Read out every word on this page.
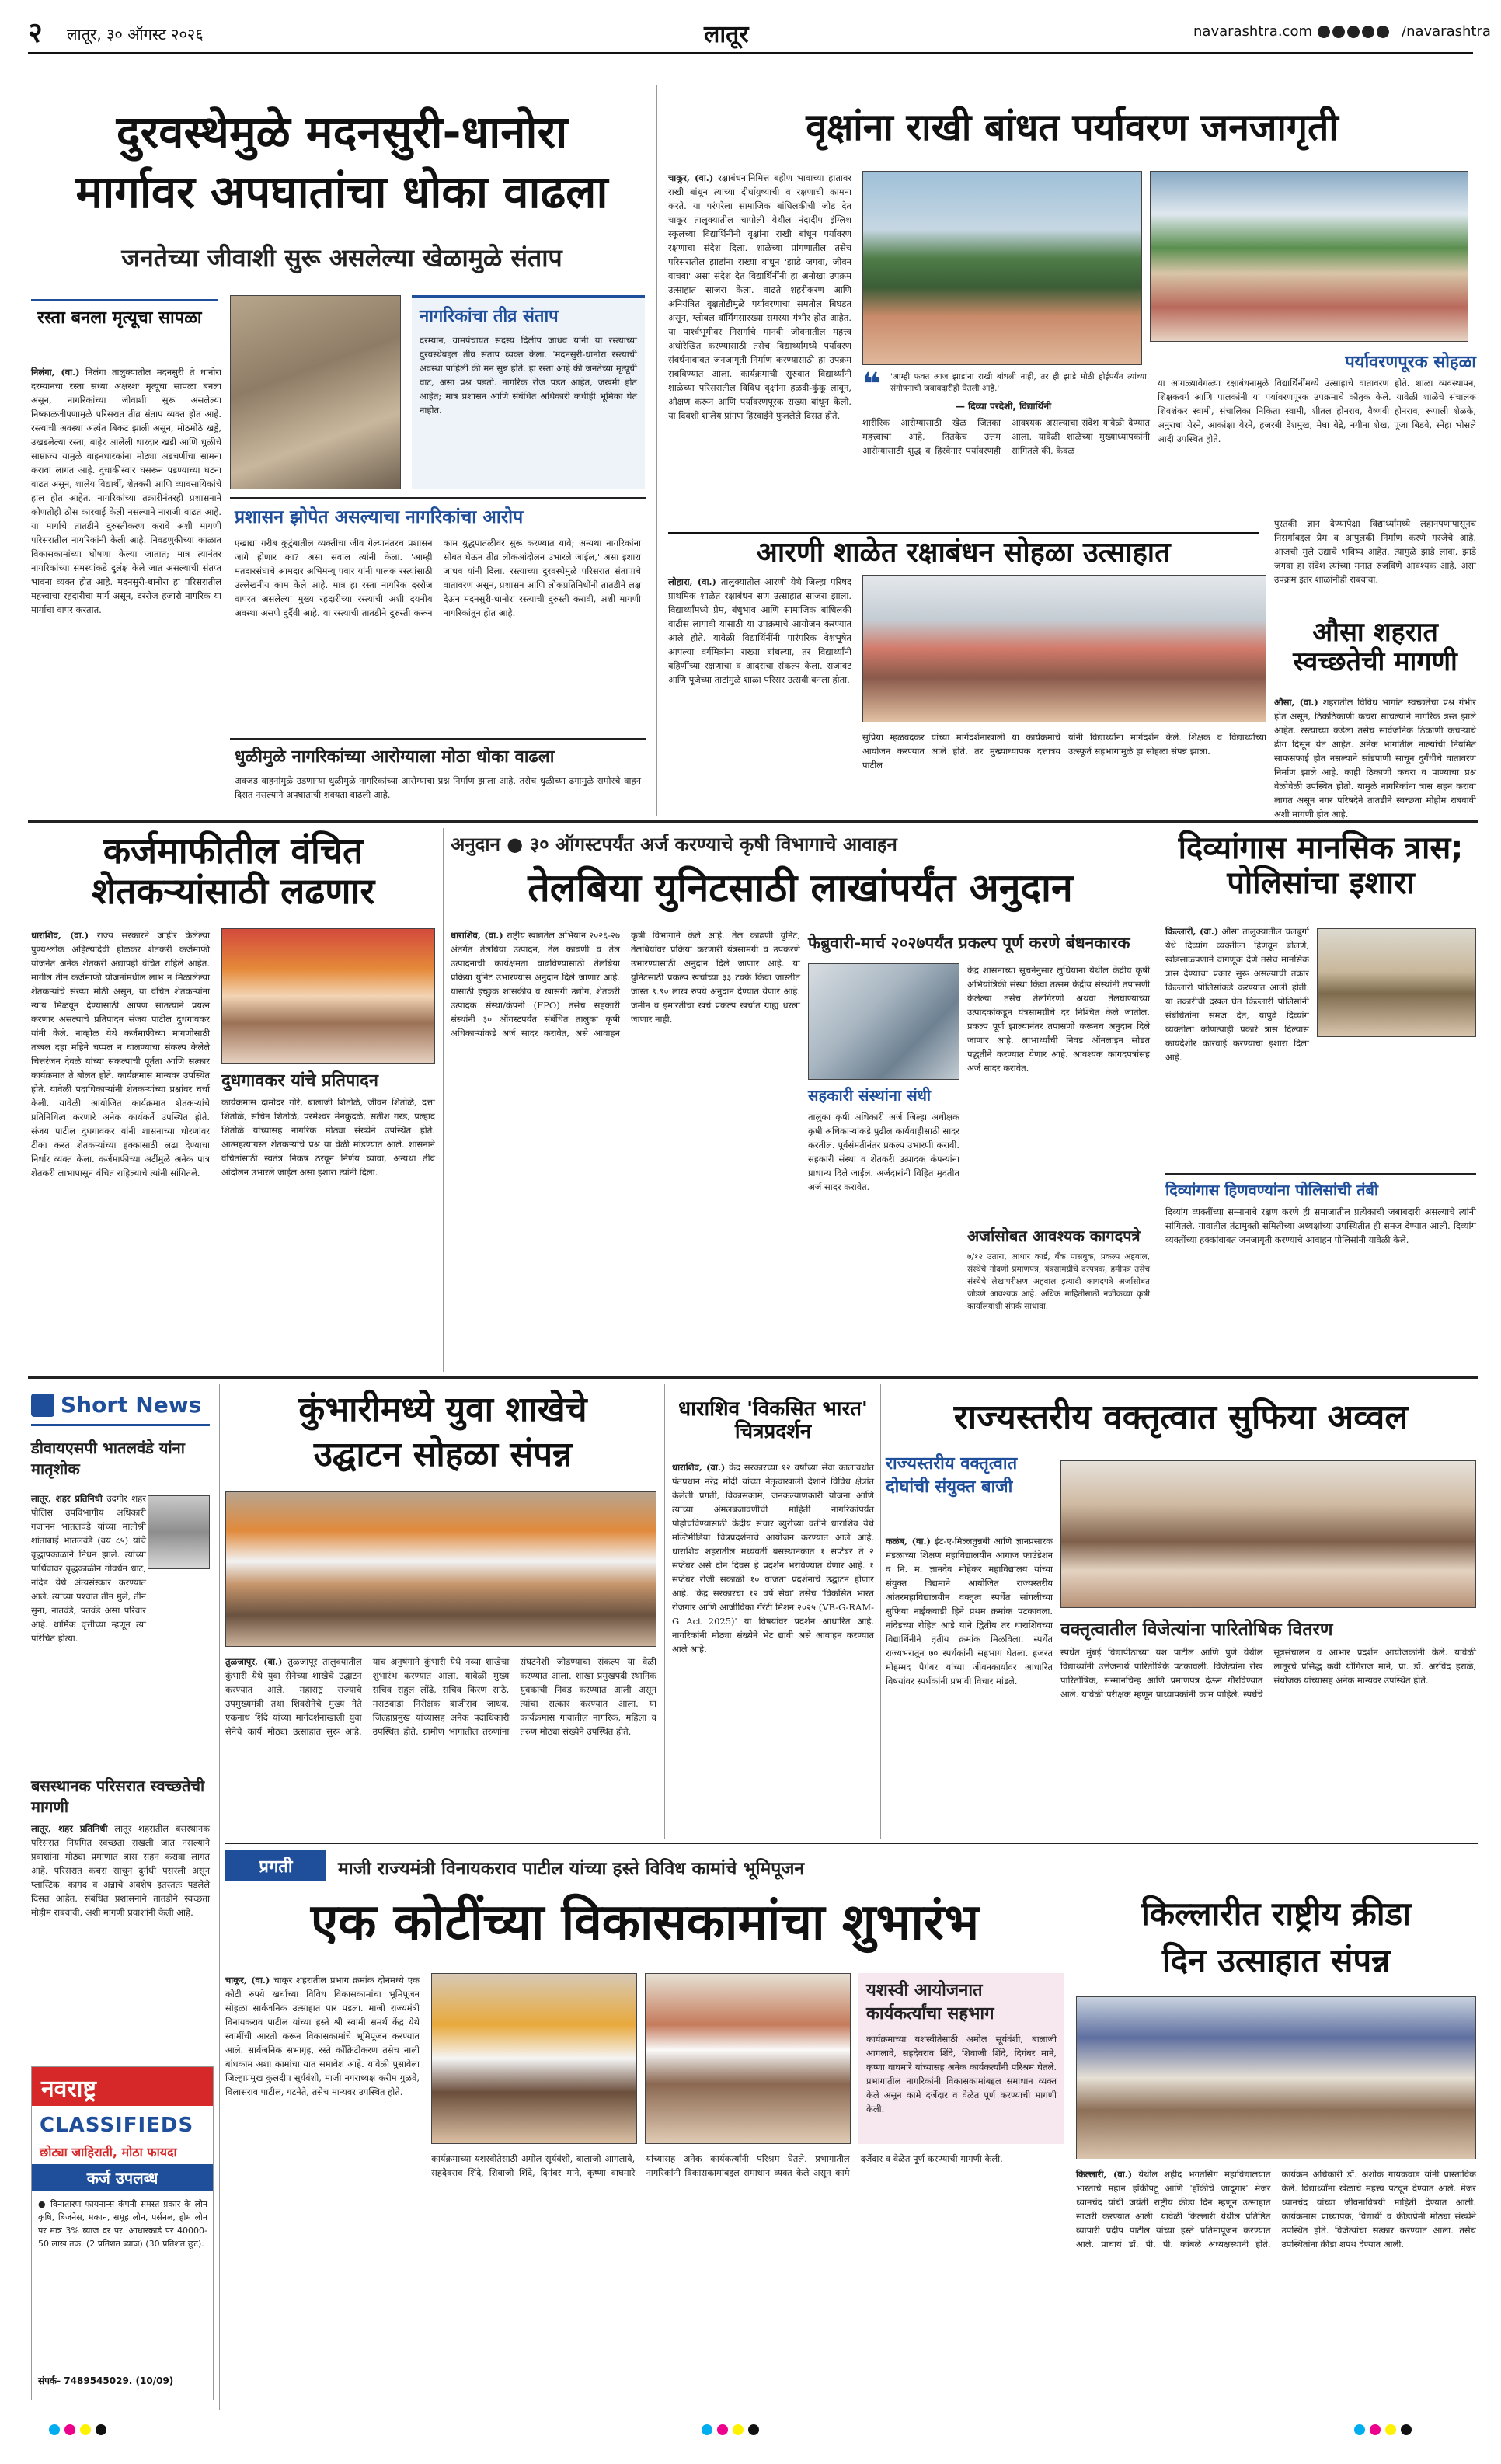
२ लातूर, ३० ऑगस्ट २०२६	लातूर	navarashtra.com	/navarashtra
दुरवस्थेमुळे मदनसुरी-धानोरा
मार्गावर अपघातांचा धोका वाढला
जनतेच्या जीवाशी सुरू असलेल्या खेळामुळे संताप
रस्ता बनला मृत्यूचा सापळा
निलंगा, (वा.) निलंगा तालुक्यातील मदनसुरी ते धानोरा दरम्यानचा रस्ता सध्या अक्षरशः मृत्यूचा सापळा बनला असून, नागरिकांच्या जीवाशी सुरू असलेल्या निष्काळजीपणामुळे परिसरात तीव्र संताप व्यक्त होत आहे. रस्त्याची अवस्था अत्यंत बिकट झाली असून, मोठमोठे खड्डे, उखडलेल्या रस्ता, बाहेर आलेली धारदार खडी आणि धुळीचे साम्राज्य यामुळे वाहनधारकांना मोठ्या अडचणींचा सामना करावा लागत आहे. दुचाकीस्वार घसरून पडण्याच्या घटना वाढत असून, शालेय विद्यार्थी, शेतकरी आणि व्यावसायिकांचे हाल होत आहेत. नागरिकांच्या तक्रारींनंतरही प्रशासनाने कोणतीही ठोस कारवाई केली नसल्याने नाराजी वाढत आहे. या मार्गाचे तातडीने दुरुस्तीकरण करावे अशी मागणी परिसरातील नागरिकांनी केली आहे. निवडणुकीच्या काळात विकासकामांच्या घोषणा केल्या जातात; मात्र त्यानंतर नागरिकांच्या समस्यांकडे दुर्लक्ष केले जात असल्याची संतप्त भावना व्यक्त होत आहे. मदनसुरी-धानोरा हा परिसरातील महत्त्वाचा रहदारीचा मार्ग असून, दररोज हजारो नागरिक या मार्गाचा वापर करतात.
नागरिकांचा तीव्र संताप
दरम्यान, ग्रामपंचायत सदस्य दिलीप जाधव यांनी या रस्त्याच्या दुरवस्थेबद्दल तीव्र संताप व्यक्त केला. 'मदनसुरी-धानोरा रस्त्याची अवस्था पाहिली की मन सुन्न होते. हा रस्ता आहे की जनतेच्या मृत्यूची वाट, असा प्रश्न पडतो. नागरिक रोज पडत आहेत, जखमी होत आहेत; मात्र प्रशासन आणि संबंधित अधिकारी कधीही भूमिका घेत नाहीत.
प्रशासन झोपेत असल्याचा नागरिकांचा आरोप
एखाद्या गरीब कुटुंबातील व्यक्तीचा जीव गेल्यानंतरच प्रशासन जागे होणार का? असा सवाल त्यांनी केला. 'आम्ही मतदारसंघाचे आमदार अभिमन्यू पवार यांनी पालक रस्त्यांसाठी उल्लेखनीय काम केले आहे. मात्र हा रस्ता नागरिक दररोज वापरत असलेल्या मुख्य रहदारीच्या रस्त्याची अशी दयनीय अवस्था असणे दुर्दैवी आहे. या रस्त्याची तातडीने दुरुस्ती करून काम युद्धपातळीवर सुरू करण्यात यावे; अन्यथा नागरिकांना सोबत घेऊन तीव्र लोकआंदोलन उभारले जाईल,' असा इशारा जाधव यांनी दिला. रस्त्याच्या दुरवस्थेमुळे परिसरात संतापाचे वातावरण असून, प्रशासन आणि लोकप्रतिनिधींनी तातडीने लक्ष देऊन मदनसुरी-धानोरा रस्त्याची दुरुस्ती करावी, अशी मागणी नागरिकांतून होत आहे.
धुळीमुळे नागरिकांच्या आरोग्याला मोठा धोका वाढला
अवजड वाहनांमुळे उडणाऱ्या धुळीमुळे नागरिकांच्या आरोग्याचा प्रश्न निर्माण झाला आहे. तसेच धुळीच्या ढगामुळे समोरचे वाहन दिसत नसल्याने अपघाताची शक्यता वाढली आहे.
वृक्षांना राखी बांधत पर्यावरण जनजागृती
चाकूर, (वा.) रक्षाबंधनानिमित्त बहीण भावाच्या हातावर राखी बांधून त्याच्या दीर्घायुष्याची व रक्षणाची कामना करते. या परंपरेला सामाजिक बांधिलकीची जोड देत चाकूर तालुक्यातील चापोली येथील नंदादीप इंग्लिश स्कूलच्या विद्यार्थिनींनी वृक्षांना राखी बांधून पर्यावरण रक्षणाचा संदेश दिला. शाळेच्या प्रांगणातील तसेच परिसरातील झाडांना राख्या बांधून 'झाडे जगवा, जीवन वाचवा' असा संदेश देत विद्यार्थिनींनी हा अनोखा उपक्रम उत्साहात साजरा केला. वाढते शहरीकरण आणि अनियंत्रित वृक्षतोडीमुळे पर्यावरणाचा समतोल बिघडत असून, ग्लोबल वॉर्मिंगसारख्या समस्या गंभीर होत आहेत. या पार्श्वभूमीवर निसर्गाचे मानवी जीवनातील महत्त्व अधोरेखित करण्यासाठी तसेच विद्यार्थ्यांमध्ये पर्यावरण संवर्धनाबाबत जनजागृती निर्माण करण्यासाठी हा उपक्रम राबविण्यात आला. कार्यक्रमाची सुरुवात विद्यार्थ्यांनी शाळेच्या परिसरातील विविध वृक्षांना हळदी-कुंकू लावून, औक्षण करून आणि पर्यावरणपूरक राख्या बांधून केली. या दिवशी शालेय प्रांगण हिरवाईने फुललेले दिसत होते.
❝ 'आम्ही फक्त आज झाडांना राखी बांधली नाही, तर ही झाडे मोठी होईपर्यंत त्यांच्या संगोपनाची जबाबदारीही घेतली आहे.'
— दिव्या परदेशी, विद्यार्थिनी
शारीरिक आरोग्यासाठी खेळ जितका महत्त्वाचा आहे, तितकेच उत्तम आरोग्यासाठी शुद्ध व हिरवेगार पर्यावरणही आवश्यक असल्याचा संदेश यावेळी देण्यात आला. यावेळी शाळेच्या मुख्याध्यापकांनी सांगितले की, केवळ
पर्यावरणपूरक सोहळा
या आगळ्यावेगळ्या रक्षाबंधनामुळे विद्यार्थिनींमध्ये उत्साहाचे वातावरण होते. शाळा व्यवस्थापन, शिक्षकवर्ग आणि पालकांनी या पर्यावरणपूरक उपक्रमाचे कौतुक केले. यावेळी शाळेचे संचालक शिवशंकर स्वामी, संचालिका निकिता स्वामी, शीतल होनराव, वैष्णवी होनराव, रूपाली शेळके, अनुराधा येरने, आकांक्षा येरने, हजरबी देशमुख, मेघा बेद्रे, नगीना शेख, पूजा बिडवे, स्नेहा भोसले आदी उपस्थित होते.
पुस्तकी ज्ञान देण्यापेक्षा विद्यार्थ्यांमध्ये लहानपणापासूनच निसर्गाबद्दल प्रेम व आपुलकी निर्माण करणे गरजेचे आहे. आजची मुले उद्याचे भविष्य आहेत. त्यामुळे झाडे लावा, झाडे जगवा हा संदेश त्यांच्या मनात रुजविणे आवश्यक आहे. असा उपक्रम इतर शाळांनीही राबवावा.
आरणी शाळेत रक्षाबंधन सोहळा उत्साहात
लोहारा, (वा.) तालुक्यातील आरणी येथे जिल्हा परिषद प्राथमिक शाळेत रक्षाबंधन सण उत्साहात साजरा झाला. विद्यार्थ्यांमध्ये प्रेम, बंधुभाव आणि सामाजिक बांधिलकी वाढीस लागावी यासाठी या उपक्रमाचे आयोजन करण्यात आले होते. यावेळी विद्यार्थिनींनी पारंपरिक वेशभूषेत आपल्या वर्गमित्रांना राख्या बांधल्या, तर विद्यार्थ्यांनी बहिणींच्या रक्षणाचा व आदराचा संकल्प केला. सजावट आणि पूजेच्या ताटांमुळे शाळा परिसर उत्सवी बनला होता.
सुप्रिया म्हळवदकर यांच्या मार्गदर्शनाखाली या कार्यक्रमाचे आयोजन करण्यात आले होते. तर मुख्याध्यापक दत्तात्रय पाटील
यांनी विद्यार्थ्यांना मार्गदर्शन केले. शिक्षक व विद्यार्थ्यांच्या उत्स्फूर्त सहभागामुळे हा सोहळा संपन्न झाला.
औसा शहरात स्वच्छतेची मागणी
औसा, (वा.) शहरातील विविध भागांत स्वच्छतेचा प्रश्न गंभीर होत असून, ठिकठिकाणी कचरा साचल्याने नागरिक त्रस्त झाले आहेत. रस्त्याच्या कडेला तसेच सार्वजनिक ठिकाणी कचऱ्याचे ढीग दिसून येत आहेत. अनेक भागांतील नाल्यांची नियमित साफसफाई होत नसल्याने सांडपाणी साचून दुर्गंधीचे वातावरण निर्माण झाले आहे. काही ठिकाणी कचरा व पाण्याचा प्रश्न वेळोवेळी उपस्थित होतो. यामुळे नागरिकांना त्रास सहन करावा लागत असून नगर परिषदेने तातडीने स्वच्छता मोहीम राबवावी अशी मागणी होत आहे.
कर्जमाफीतील वंचित शेतकऱ्यांसाठी लढणार
धाराशिव, (वा.) राज्य सरकारने जाहीर केलेल्या पुण्यश्लोक अहिल्यादेवी होळकर शेतकरी कर्जमाफी योजनेत अनेक शेतकरी अद्यापही वंचित राहिले आहेत. मागील तीन कर्जमाफी योजनांमधील लाभ न मिळालेल्या शेतकऱ्यांचे संख्या मोठी असून, या वंचित शेतकऱ्यांना न्याय मिळवून देण्यासाठी आपण सातत्याने प्रयत्न करणार असल्याचे प्रतिपादन संजय पाटील दुधगावकर यांनी केले. नाव्होळ येथे कर्जमाफीच्या मागणीसाठी तब्बल दहा महिने चप्पल न घालण्याचा संकल्प केलेले चित्तरंजन देवळे यांच्या संकल्पाची पूर्तता आणि सत्कार कार्यक्रमात ते बोलत होते. कार्यक्रमास मान्यवर उपस्थित होते. यावेळी पदाधिकाऱ्यांनी शेतकऱ्यांच्या प्रश्नांवर चर्चा केली. यावेळी आयोजित कार्यक्रमात शेतकऱ्यांचे प्रतिनिधित्व करणारे अनेक कार्यकर्ते उपस्थित होते. संजय पाटील दुधगावकर यांनी शासनाच्या धोरणांवर टीका करत शेतकऱ्यांच्या हक्कासाठी लढा देण्याचा निर्धार व्यक्त केला. कर्जमाफीच्या अटींमुळे अनेक पात्र शेतकरी लाभापासून वंचित राहिल्याचे त्यांनी सांगितले.
दुधगावकर यांचे प्रतिपादन
कार्यक्रमास दामोदर गोरे, बालाजी शितोळे, जीवन शितोळे, दत्ता शितोळे, सचिन शितोळे, परमेश्वर मेनकुदळे, सतीश गरड, प्रल्हाद शितोळे यांच्यासह नागरिक मोठ्या संख्येने उपस्थित होते. आत्महत्याग्रस्त शेतकऱ्यांचे प्रश्न या वेळी मांडण्यात आले. शासनाने वंचितांसाठी स्वतंत्र निकष ठरवून निर्णय घ्यावा, अन्यथा तीव्र आंदोलन उभारले जाईल असा इशारा त्यांनी दिला.
अनुदान ● ३० ऑगस्टपर्यंत अर्ज करण्याचे कृषी विभागाचे आवाहन
तेलबिया युनिटसाठी लाखांपर्यंत अनुदान
धाराशिव, (वा.) राष्ट्रीय खाद्यतेल अभियान २०२६-२७ अंतर्गत तेलबिया उत्पादन, तेल काढणी व तेल उत्पादनाची कार्यक्षमता वाढविण्यासाठी तेलबिया प्रक्रिया युनिट उभारण्यास अनुदान दिले जाणार आहे. यासाठी इच्छुक शासकीय व खासगी उद्योग, शेतकरी उत्पादक संस्था/कंपनी (FPO) तसेच सहकारी संस्थांनी ३० ऑगस्टपर्यंत संबंधित तालुका कृषी अधिकाऱ्यांकडे अर्ज सादर करावेत, असे आवाहन कृषी विभागाने केले आहे. तेल काढणी युनिट, तेलबियांवर प्रक्रिया करणारी यंत्रसामग्री व उपकरणे उभारण्यासाठी अनुदान दिले जाणार आहे. या युनिटसाठी प्रकल्प खर्चाच्या ३३ टक्के किंवा जास्तीत जास्त ९.९० लाख रुपये अनुदान देण्यात येणार आहे. जमीन व इमारतीचा खर्च प्रकल्प खर्चात ग्राह्य धरला जाणार नाही.
फेब्रुवारी-मार्च २०२७पर्यंत प्रकल्प पूर्ण करणे बंधनकारक
केंद्र शासनाच्या सूचनेनुसार लुधियाना येथील केंद्रीय कृषी अभियांत्रिकी संस्था किंवा तत्सम केंद्रीय संस्थांनी तपासणी केलेल्या तसेच तेलगिरणी अथवा तेलघाण्याच्या उत्पादकांकडून यंत्रसामग्रीचे दर निश्चित केले जातील. प्रकल्प पूर्ण झाल्यानंतर तपासणी करूनच अनुदान दिले जाणार आहे. लाभार्थ्यांची निवड ऑनलाइन सोडत पद्धतीने करण्यात येणार आहे. आवश्यक कागदपत्रांसह अर्ज सादर करावेत.
सहकारी संस्थांना संधी
तालुका कृषी अधिकारी अर्ज जिल्हा अधीक्षक कृषी अधिकाऱ्यांकडे पुढील कार्यवाहीसाठी सादर करतील. पूर्वसंमतीनंतर प्रकल्प उभारणी करावी. सहकारी संस्था व शेतकरी उत्पादक कंपन्यांना प्राधान्य दिले जाईल. अर्जदारांनी विहित मुदतीत अर्ज सादर करावेत.
अर्जासोबत आवश्यक कागदपत्रे
७/१२ उतारा, आधार कार्ड, बँक पासबुक, प्रकल्प अहवाल, संस्थेचे नोंदणी प्रमाणपत्र, यंत्रसामग्रीचे दरपत्रक, हमीपत्र तसेच संस्थेचे लेखापरीक्षण अहवाल इत्यादी कागदपत्रे अर्जासोबत जोडणे आवश्यक आहे. अधिक माहितीसाठी नजीकच्या कृषी कार्यालयाशी संपर्क साधावा.
दिव्यांगास मानसिक त्रास; पोलिसांचा इशारा
किल्लारी, (वा.) औसा तालुक्यातील चलबुर्गा येथे दिव्यांग व्यक्तीला हिणवून बोलणे, खोडसाळपणाने वागणूक देणे तसेच मानसिक त्रास देण्याचा प्रकार सुरू असल्याची तक्रार किल्लारी पोलिसांकडे करण्यात आली होती. या तक्रारीची दखल घेत किल्लारी पोलिसांनी संबंधितांना समज देत, यापुढे दिव्यांग व्यक्तीला कोणत्याही प्रकारे त्रास दिल्यास कायदेशीर कारवाई करण्याचा इशारा दिला आहे.
दिव्यांगास हिणवण्यांना पोलिसांची तंबी
दिव्यांग व्यक्तींच्या सन्मानाचे रक्षण करणे ही समाजातील प्रत्येकाची जबाबदारी असल्याचे त्यांनी सांगितले. गावातील तंटामुक्ती समितीच्या अध्यक्षांच्या उपस्थितीत ही समज देण्यात आली. दिव्यांग व्यक्तींच्या हक्कांबाबत जनजागृती करण्याचे आवाहन पोलिसांनी यावेळी केले.
Short News
डीवायएसपी भातलवंडे यांना मातृशोक
लातूर, शहर प्रतिनिधी उदगीर शहर पोलिस उपविभागीय अधिकारी गजानन भातलवंडे यांच्या मातोश्री शांताबाई भातलवंडे (वय ८५) यांचे वृद्धापकाळाने निधन झाले. त्यांच्या पार्थिवावर वृद्धकाळीन गोवर्धन धाट, नांदेड येथे अंत्यसंस्कार करण्यात आले. त्यांच्या पश्चात तीन मुले, तीन सुना, नातवंडे, पतवंडे असा परिवार आहे. धार्मिक वृत्तीच्या म्हणून त्या परिचित होत्या.
बसस्थानक परिसरात स्वच्छतेची मागणी
लातूर, शहर प्रतिनिधी लातूर शहरातील बसस्थानक परिसरात नियमित स्वच्छता राखली जात नसल्याने प्रवाशांना मोठ्या प्रमाणात त्रास सहन करावा लागत आहे. परिसरात कचरा साचून दुर्गंधी पसरली असून प्लास्टिक, कागद व अन्नाचे अवशेष इतस्ततः पडलेले दिसत आहेत. संबंधित प्रशासनाने तातडीने स्वच्छता मोहीम राबवावी, अशी मागणी प्रवाशांनी केली आहे.
नवराष्ट्र
CLASSIFIEDS
छोट्या जाहिराती, मोठा फायदा
कर्ज उपलब्ध
● विनातारण फायनान्स कंपनी समस्त प्रकार के लोन कृषि, बिजनेस, मकान, समूह लोन, पर्सनल, होम लोन पर मात्र 3% ब्याज दर पर. आधारकार्ड पर 40000- 50 लाख तक. (2 प्रतिशत ब्याज) (30 प्रतिशत छूट).
संपर्क- 7489545029. (10/09)
कुंभारीमध्ये युवा शाखेचे
उद्घाटन सोहळा संपन्न
तुळजापूर, (वा.) तुळजापूर तालुक्यातील कुंभारी येथे युवा सेनेच्या शाखेचे उद्घाटन करण्यात आले. महाराष्ट्र राज्याचे उपमुख्यमंत्री तथा शिवसेनेचे मुख्य नेते एकनाथ शिंदे यांच्या मार्गदर्शनाखाली युवा सेनेचे कार्य मोठ्या उत्साहात सुरू आहे. याच अनुषंगाने कुंभारी येथे नव्या शाखेचा शुभारंभ करण्यात आला. यावेळी मुख्य सचिव राहुल लोंढे, सचिव किरण साठे, मराठवाडा निरीक्षक बाजीराव जाधव, जिल्हाप्रमुख यांच्यासह अनेक पदाधिकारी उपस्थित होते. ग्रामीण भागातील तरुणांना संघटनेशी जोडण्याचा संकल्प या वेळी करण्यात आला. शाखा प्रमुखपदी स्थानिक युवकाची निवड करण्यात आली असून त्यांचा सत्कार करण्यात आला. या कार्यक्रमास गावातील नागरिक, महिला व तरुण मोठ्या संख्येने उपस्थित होते.
धाराशिव 'विकसित भारत' चित्रप्रदर्शन
धाराशिव, (वा.) केंद्र सरकारच्या १२ वर्षांच्या सेवा कालावधीत पंतप्रधान नरेंद्र मोदी यांच्या नेतृत्वाखाली देशाने विविध क्षेत्रांत केलेली प्रगती, विकासकामे, जनकल्याणकारी योजना आणि त्यांच्या अंमलबजावणीची माहिती नागरिकांपर्यंत पोहोचविण्यासाठी केंद्रीय संचार ब्युरोच्या वतीने धाराशिव येथे मल्टिमीडिया चित्रप्रदर्शनाचे आयोजन करण्यात आले आहे. धाराशिव शहरातील मध्यवर्ती बसस्थानकात १ सप्टेंबर ते २ सप्टेंबर असे दोन दिवस हे प्रदर्शन भरविण्यात येणार आहे. १ सप्टेंबर रोजी सकाळी १० वाजता प्रदर्शनाचे उद्घाटन होणार आहे. 'केंद्र सरकारचा १२ वर्षे सेवा' तसेच 'विकसित भारत रोजगार आणि आजीविका गॅरंटी मिशन २०२५ (VB-G-RAM-G Act 2025)' या विषयांवर प्रदर्शन आधारित आहे. नागरिकांनी मोठ्या संख्येने भेट द्यावी असे आवाहन करण्यात आले आहे.
राज्यस्तरीय वक्तृत्वात सुफिया अव्वल
राज्यस्तरीय वक्तृत्वात दोघांची संयुक्त बाजी
कळंब, (वा.) ईट-ए-मिल्लतुन्नबी आणि ज्ञानप्रसारक मंडळाच्या शिक्षण महाविद्यालयीन आगाज फाउंडेशन व नि. म. ज्ञानदेव मोहेकर महाविद्यालय यांच्या संयुक्त विद्यमाने आयोजित राज्यस्तरीय आंतरमहाविद्यालयीन वक्तृत्व स्पर्धेत सांगलीच्या सुफिया नाईकवाडी हिने प्रथम क्रमांक पटकावला. नांदेडच्या रोहित आडे याने द्वितीय तर धाराशिवच्या विद्यार्थिनीने तृतीय क्रमांक मिळविला. स्पर्धेत राज्यभरातून ७० स्पर्धकांनी सहभाग घेतला. हजरत मोहम्मद पैगंबर यांच्या जीवनकार्यावर आधारित विषयांवर स्पर्धकांनी प्रभावी विचार मांडले.
वक्तृत्वातील विजेत्यांना पारितोषिक वितरण
स्पर्धेत मुंबई विद्यापीठाच्या यश पाटील आणि पुणे येथील विद्यार्थ्यांनी उत्तेजनार्थ पारितोषिके पटकावली. विजेत्यांना रोख पारितोषिक, सन्मानचिन्ह आणि प्रमाणपत्र देऊन गौरविण्यात आले. यावेळी परीक्षक म्हणून प्राध्यापकांनी काम पाहिले. स्पर्धेचे सूत्रसंचालन व आभार प्रदर्शन आयोजकांनी केले. यावेळी लातूरचे प्रसिद्ध कवी योगिराज माने, प्रा. डॉ. अरविंद हराळे, संयोजक यांच्यासह अनेक मान्यवर उपस्थित होते.
प्रगती	माजी राज्यमंत्री विनायकराव पाटील यांच्या हस्ते विविध कामांचे भूमिपूजन
एक कोटींच्या विकासकामांचा शुभारंभ
चाकूर, (वा.) चाकूर शहरातील प्रभाग क्रमांक दोनमध्ये एक कोटी रुपये खर्चाच्या विविध विकासकामांचा भूमिपूजन सोहळा सार्वजनिक उत्साहात पार पडला. माजी राज्यमंत्री विनायकराव पाटील यांच्या हस्ते श्री स्वामी समर्थ केंद्र येथे स्वामींची आरती करून विकासकामांचे भूमिपूजन करण्यात आले. सार्वजनिक सभागृह, रस्ते काँक्रिटीकरण तसेच नाली बांधकाम अशा कामांचा यात समावेश आहे. यावेळी पुसावेला जिल्हाप्रमुख कुलदीप सूर्यवंशी, माजी नगराध्यक्ष करीम गुळवे, विलासराव पाटील, गटनेते, तसेच मान्यवर उपस्थित होते.
यशस्वी आयोजनात कार्यकर्त्यांचा सहभाग
कार्यक्रमाच्या यशस्वीतेसाठी अमोल सूर्यवंशी, बालाजी आगलावे, सहदेवराव शिंदे, शिवाजी शिंदे, दिगंबर माने, कृष्णा वाघमारे यांच्यासह अनेक कार्यकर्त्यांनी परिश्रम घेतले. प्रभागातील नागरिकांनी विकासकामांबद्दल समाधान व्यक्त केले असून कामे दर्जेदार व वेळेत पूर्ण करण्याची मागणी केली.
कार्यक्रमाच्या यशस्वीतेसाठी अमोल सूर्यवंशी, बालाजी आगलावे, सहदेवराव शिंदे, शिवाजी शिंदे, दिगंबर माने, कृष्णा वाघमारे यांच्यासह अनेक कार्यकर्त्यांनी परिश्रम घेतले. प्रभागातील नागरिकांनी विकासकामांबद्दल समाधान व्यक्त केले असून कामे दर्जेदार व वेळेत पूर्ण करण्याची मागणी केली.
किल्लारीत राष्ट्रीय क्रीडा
दिन उत्साहात संपन्न
किल्लारी, (वा.) येथील शहीद भगतसिंग महाविद्यालयात भारताचे महान हॉकीपटू आणि 'हॉकीचे जादूगार' मेजर ध्यानचंद यांची जयंती राष्ट्रीय क्रीडा दिन म्हणून उत्साहात साजरी करण्यात आली. यावेळी किल्लारी येथील प्रतिष्ठित व्यापारी प्रदीप पाटील यांच्या हस्ते प्रतिमापूजन करण्यात आले. प्राचार्य डॉ. पी. पी. कांबळे अध्यक्षस्थानी होते. कार्यक्रम अधिकारी डॉ. अशोक गायकवाड यांनी प्रास्ताविक केले. विद्यार्थ्यांना खेळाचे महत्त्व पटवून देण्यात आले. मेजर ध्यानचंद यांच्या जीवनाविषयी माहिती देण्यात आली. कार्यक्रमास प्राध्यापक, विद्यार्थी व क्रीडाप्रेमी मोठ्या संख्येने उपस्थित होते. विजेत्यांचा सत्कार करण्यात आला. तसेच उपस्थितांना क्रीडा शपथ देण्यात आली.
